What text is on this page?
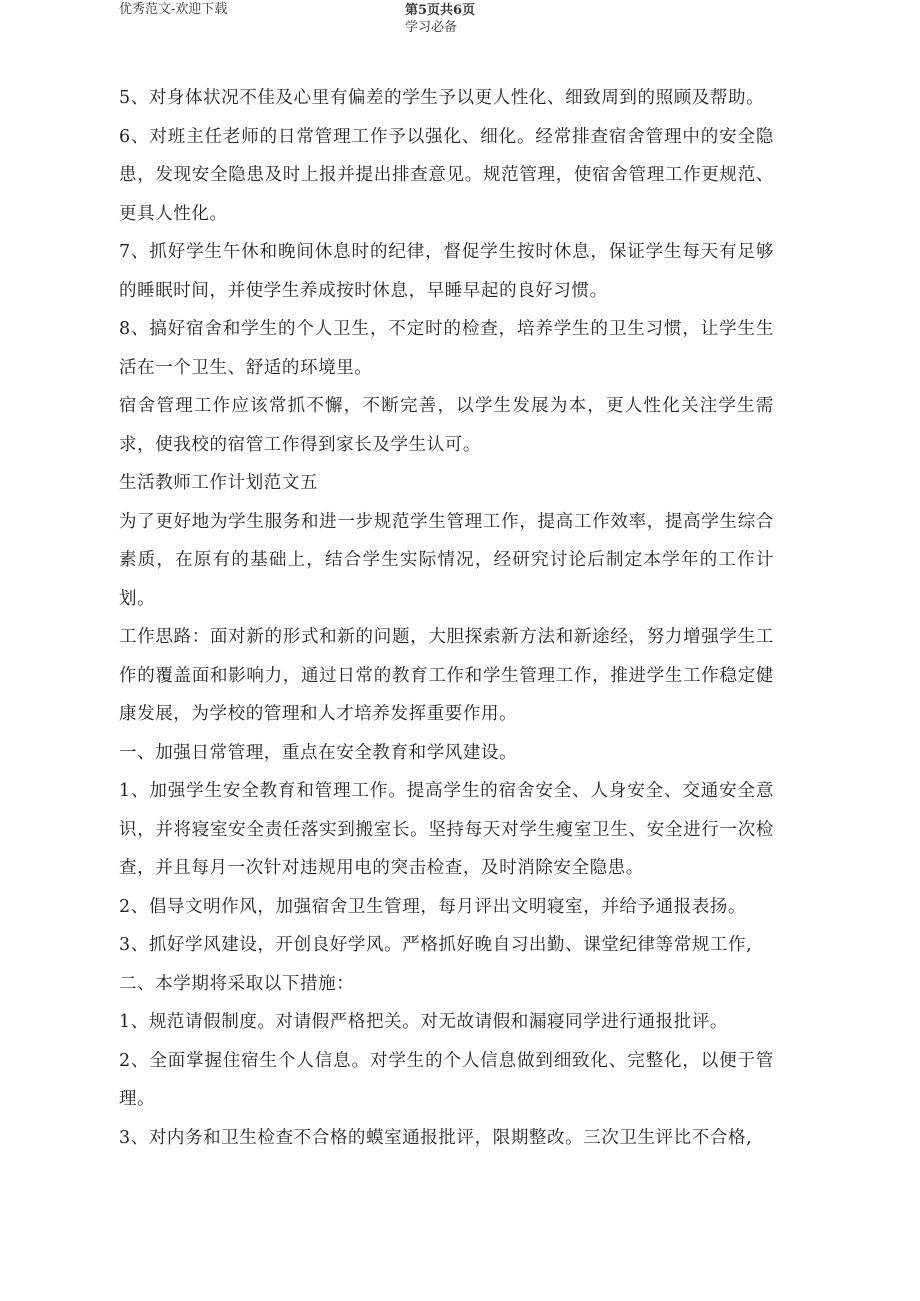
优秀范文-欢迎下载	第5页共6页
学习必备

5、对身体状况不佳及心里有偏差的学生予以更人性化、细致周到的照顾及帮助。

6、对班主任老师的日常管理工作予以强化、细化。经常排查宿舍管理中的安全隐患，发现安全隐患及时上报并提出排查意见。规范管理，使宿舍管理工作更规范、更具人性化。

7、抓好学生午休和晚间休息时的纪律，督促学生按时休息，保证学生每天有足够的睡眠时间，并使学生养成按时休息，早睡早起的良好习惯。

8、搞好宿舍和学生的个人卫生，不定时的检查，培养学生的卫生习惯，让学生生活在一个卫生、舒适的环境里。

宿舍管理工作应该常抓不懈，不断完善，以学生发展为本，更人性化关注学生需求，使我校的宿管工作得到家长及学生认可。

生活教师工作计划范文五

为了更好地为学生服务和进一步规范学生管理工作，提高工作效率，提高学生综合素质，在原有的基础上，结合学生实际情况，经研究讨论后制定本学年的工作计划。

工作思路：面对新的形式和新的问题，大胆探索新方法和新途经，努力增强学生工作的覆盖面和影响力，通过日常的教育工作和学生管理工作，推进学生工作稳定健康发展，为学校的管理和人才培养发挥重要作用。

一、加强日常管理，重点在安全教育和学风建设。

1、加强学生安全教育和管理工作。提高学生的宿舍安全、人身安全、交通安全意识，并将寝室安全责任落实到搬室长。坚持每天对学生瘦室卫生、安全进行一次检查，并且每月一次针对违规用电的突击检查，及时消除安全隐患。

2、倡导文明作风，加强宿舍卫生管理，每月评出文明寝室，并给予通报表扬。

3、抓好学风建设，开创良好学风。严格抓好晚自习出勤、课堂纪律等常规工作,

二、本学期将采取以下措施：

1、规范请假制度。对请假严格把关。对无故请假和漏寝同学进行通报批评。

2、全面掌握住宿生个人信息。对学生的个人信息做到细致化、完整化，以便于管理。

3、对内务和卫生检查不合格的蟆室通报批评，限期整改。三次卫生评比不合格,
